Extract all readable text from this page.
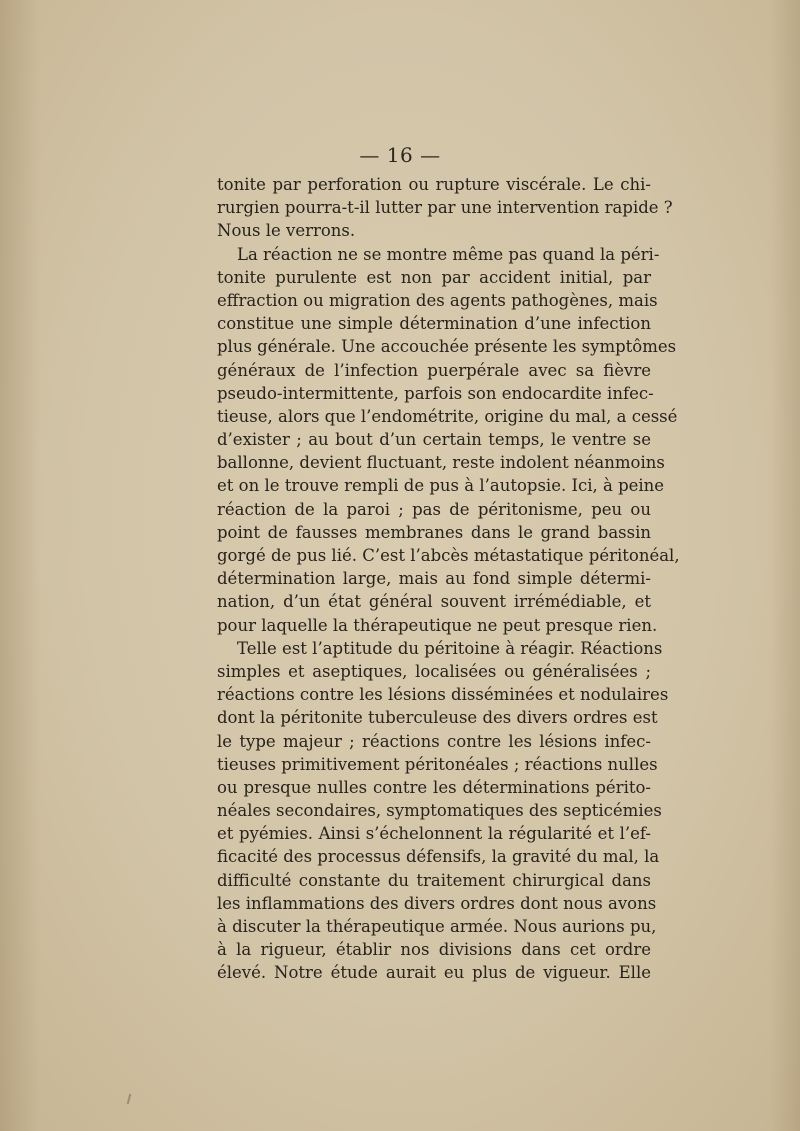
— 16 —
tonite par perforation ou rupture viscérale. Le chi-
rurgien pourra-t-il lutter par une intervention rapide ?
Nous le verrons.
La réaction ne se montre même pas quand la péri-
tonite purulente est non par accident initial, par
effraction ou migration des agents pathogènes, mais
constitue une simple détermination d’une infection
plus générale. Une accouchée présente les symptômes
généraux de l’infection puerpérale avec sa fièvre
pseudo-intermittente, parfois son endocardite infec-
tieuse, alors que l’endométrite, origine du mal, a cessé
d’exister ; au bout d’un certain temps, le ventre se
ballonne, devient fluctuant, reste indolent néanmoins
et on le trouve rempli de pus à l’autopsie. Ici, à peine
réaction de la paroi ; pas de péritonisme, peu ou
point de fausses membranes dans le grand bassin
gorgé de pus lié. C’est l’abcès métastatique péritonéal,
détermination large, mais au fond simple détermi-
nation, d’un état général souvent irrémédiable, et
pour laquelle la thérapeutique ne peut presque rien.
Telle est l’aptitude du péritoine à réagir. Réactions
simples et aseptiques, localisées ou généralisées ;
réactions contre les lésions disséminées et nodulaires
dont la péritonite tuberculeuse des divers ordres est
le type majeur ; réactions contre les lésions infec-
tieuses primitivement péritonéales ; réactions nulles
ou presque nulles contre les déterminations périto-
néales secondaires, symptomatiques des septicémies
et pyémies. Ainsi s’échelonnent la régularité et l’ef-
ficacité des processus défensifs, la gravité du mal, la
difficulté constante du traitement chirurgical dans
les inflammations des divers ordres dont nous avons
à discuter la thérapeutique armée. Nous aurions pu,
à la rigueur, établir nos divisions dans cet ordre
élevé. Notre étude aurait eu plus de vigueur. Elle
